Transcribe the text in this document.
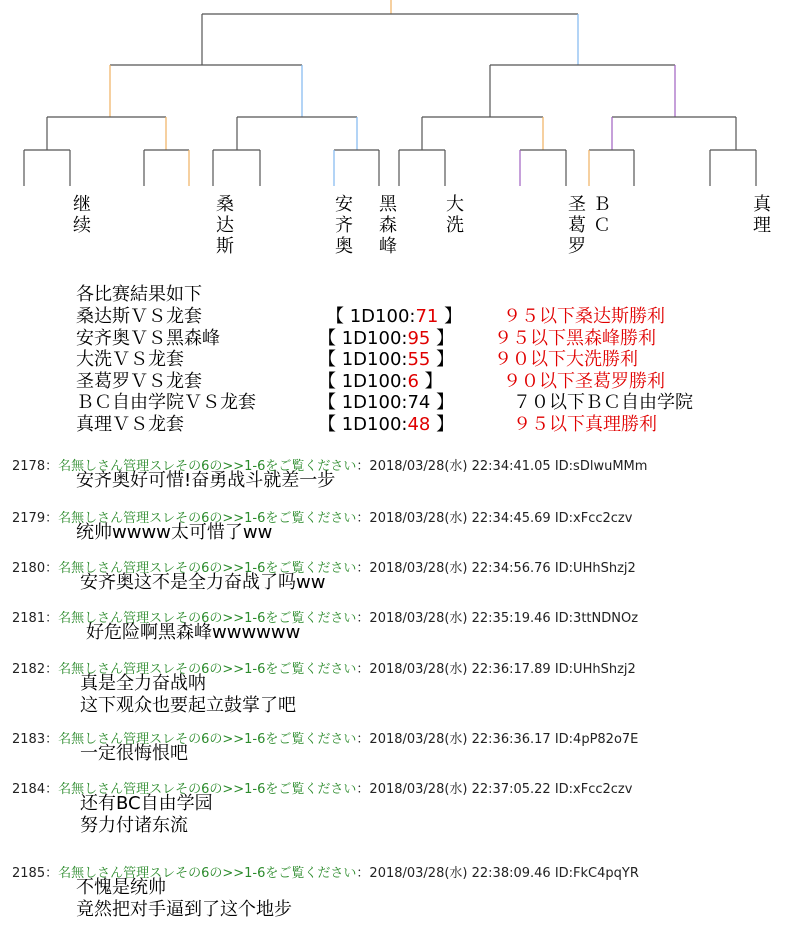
继
续
桑
达
斯
安
齐
奥
黑
森
峰
大
洗
圣
葛
罗
Ｂ
Ｃ
真
理
各比赛結果如下
桑达斯ＶＳ龙套	【 1D100:71 】 ９５以下桑达斯勝利
安齐奥ＶＳ黑森峰	【 1D100:95 】 ９５以下黑森峰勝利
大洗ＶＳ龙套	【 1D100:55 】 ９０以下大洗勝利
圣葛罗ＶＳ龙套	【 1D100:6 】	９０以下圣葛罗勝利
ＢＣ自由学院ＶＳ龙套	【 1D100:74 】	７０以下ＢＣ自由学院
真理ＶＳ龙套	【 1D100:48 】	９５以下真理勝利
2178：名無しさん管理スレその6の>>1-6をご覧ください：2018/03/28(水) 22:34:41.05 ID:sDlwuMMm
安齐奥好可惜!奋勇战斗就差一步
2179：名無しさん管理スレその6の>>1-6をご覧ください：2018/03/28(水) 22:34:45.69 ID:xFcc2czv
统帅wwww太可惜了ww
2180：名無しさん管理スレその6の>>1-6をご覧ください：2018/03/28(水) 22:34:56.76 ID:UHhShzj2
安齐奥这不是全力奋战了吗ww
2181：名無しさん管理スレその6の>>1-6をご覧ください：2018/03/28(水) 22:35:19.46 ID:3ttNDNOz
好危险啊黑森峰wwwwww
2182：名無しさん管理スレその6の>>1-6をご覧ください：2018/03/28(水) 22:36:17.89 ID:UHhShzj2
真是全力奋战呐
这下观众也要起立鼓掌了吧
2183：名無しさん管理スレその6の>>1-6をご覧ください：2018/03/28(水) 22:36:36.17 ID:4pP82o7E
一定很悔恨吧
2184：名無しさん管理スレその6の>>1-6をご覧ください：2018/03/28(水) 22:37:05.22 ID:xFcc2czv
还有BC自由学园
努力付诸东流
2185：名無しさん管理スレその6の>>1-6をご覧ください：2018/03/28(水) 22:38:09.46 ID:FkC4pqYR
不愧是统帅
竟然把对手逼到了这个地步
